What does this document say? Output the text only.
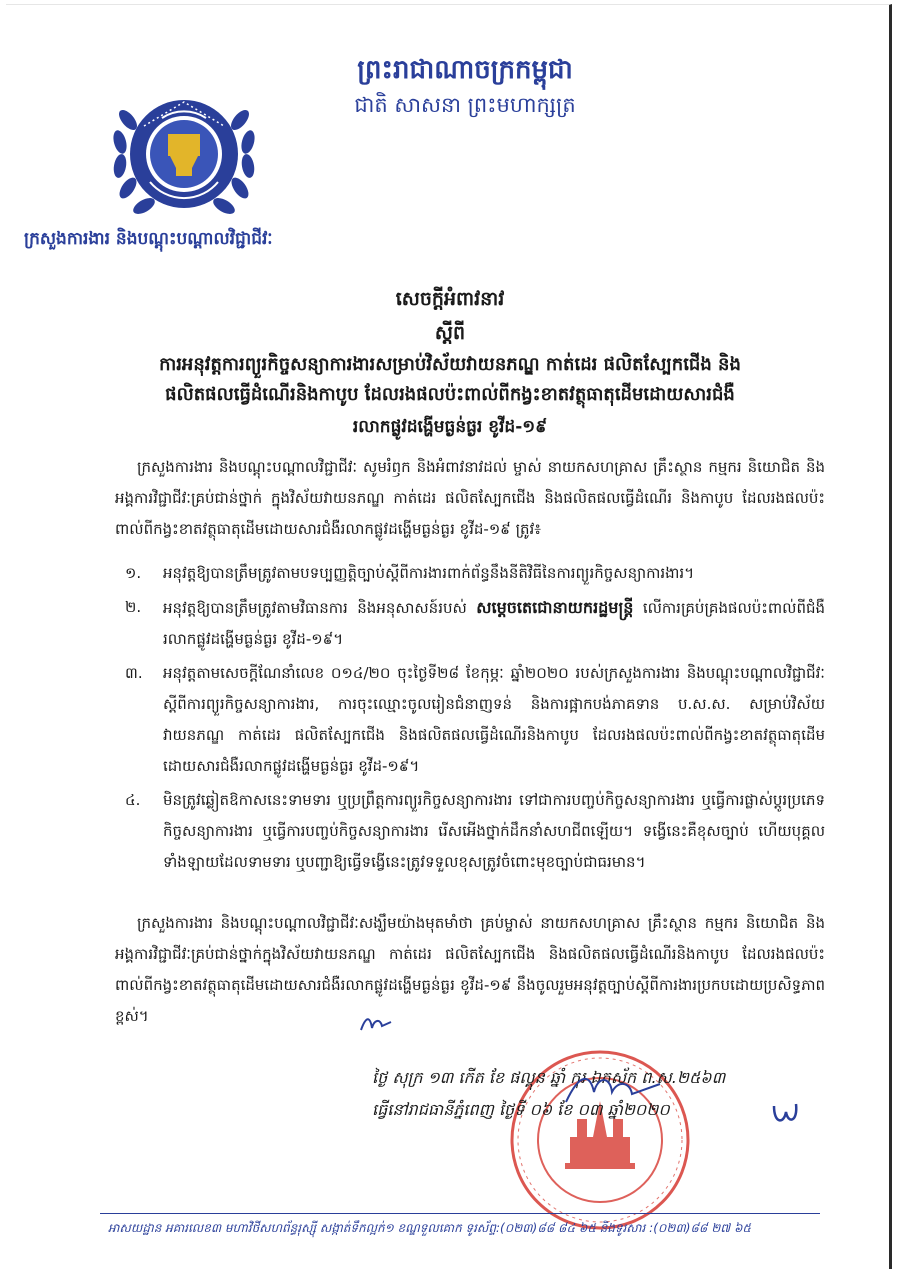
ព្រះរាជាណាចក្រកម្ពុជា
ជាតិ សាសនា ព្រះមហាក្សត្រ
ក្រសួងការងារ និងបណ្តុះបណ្តាលវិជ្ជាជីវៈ
សេចក្តីអំពាវនាវ
ស្តីពី
ការអនុវត្តការព្យួរកិច្ចសន្យាការងារសម្រាប់វិស័យវាយនភណ្ឌ កាត់ដេរ ផលិតស្បែកជើង និង
ផលិតផលធ្វើដំណើរនិងកាបូប ដែលរងផលប៉ះពាល់ពីកង្វះខាតវត្ថុធាតុដើមដោយសារជំងឺ
រលាកផ្លូវដង្ហើមធ្ងន់ធ្ងរ ខូវីដ-១៩
ក្រសួងការងារ និងបណ្តុះបណ្តាលវិជ្ជាជីវៈ សូមរំឭក និងអំពាវនាវដល់ ម្ចាស់ នាយកសហគ្រាស គ្រឹះស្ថាន កម្មករ និយោជិត និងអង្គការវិជ្ជាជីវៈគ្រប់ជាន់ថ្នាក់ ក្នុងវិស័យវាយនភណ្ឌ កាត់ដេរ ផលិតស្បែកជើង និងផលិតផលធ្វើដំណើរ និងកាបូប ដែលរងផលប៉ះពាល់ពីកង្វះខាតវត្ថុធាតុដើមដោយសារជំងឺរលាកផ្លូវដង្ហើមធ្ងន់ធ្ងរ ខូវីដ-១៩ ត្រូវ៖
១.	អនុវត្តឱ្យបានត្រឹមត្រូវតាមបទប្បញ្ញត្តិច្បាប់ស្តីពីការងារពាក់ព័ន្ធនឹងនីតិវិធីនៃការព្យួរកិច្ចសន្យាការងារ។
២.	អនុវត្តឱ្យបានត្រឹមត្រូវតាមវិធានការ និងអនុសាសន៍របស់ សម្តេចតេជោនាយករដ្ឋមន្ត្រី លើការគ្រប់គ្រងផលប៉ះពាល់ពីជំងឺរលាកផ្លូវដង្ហើមធ្ងន់ធ្ងរ ខូវីដ-១៩។
៣.	អនុវត្តតាមសេចក្តីណែនាំលេខ ០១៤/២០ ចុះថ្ងៃទី២៨ ខែកុម្ភៈ ឆ្នាំ២០២០ របស់ក្រសួងការងារ និងបណ្តុះបណ្តាលវិជ្ជាជីវៈ ស្តីពីការព្យួរកិច្ចសន្យាការងារ, ការចុះឈ្មោះចូលរៀនជំនាញទន់ និងការផ្អាកបង់ភាគទាន ប.ស.ស. សម្រាប់វិស័យវាយនភណ្ឌ កាត់ដេរ ផលិតស្បែកជើង និងផលិតផលធ្វើដំណើរនិងកាបូប ដែលរងផលប៉ះពាល់ពីកង្វះខាតវត្ថុធាតុដើមដោយសារជំងឺរលាកផ្លូវដង្ហើមធ្ងន់ធ្ងរ ខូវីដ-១៩។
៤.	មិនត្រូវឆ្លៀតឱកាសនេះទាមទារ ឬប្រព្រឹត្តការព្យួរកិច្ចសន្យាការងារ ទៅជាការបញ្ចប់កិច្ចសន្យាការងារ ឬធ្វើការផ្លាស់ប្តូរប្រភេទកិច្ចសន្យាការងារ ឬធ្វើការបញ្ចប់កិច្ចសន្យាការងារ រើសអើងថ្នាក់ដឹកនាំសហជីពឡើយ។ ទង្វើនេះគឺខុសច្បាប់ ហើយបុគ្គលទាំងឡាយដែលទាមទារ ឬបញ្ជាឱ្យធ្វើទង្វើនេះត្រូវទទួលខុសត្រូវចំពោះមុខច្បាប់ជាធរមាន។
ក្រសួងការងារ និងបណ្តុះបណ្តាលវិជ្ជាជីវៈសង្ឃឹមយ៉ាងមុតមាំថា គ្រប់ម្ចាស់ នាយកសហគ្រាស គ្រឹះស្ថាន កម្មករ និយោជិត និងអង្គការវិជ្ជាជីវៈគ្រប់ជាន់ថ្នាក់ក្នុងវិស័យវាយនភណ្ឌ កាត់ដេរ ផលិតស្បែកជើង និងផលិតផលធ្វើដំណើរនិងកាបូប ដែលរងផលប៉ះពាល់ពីកង្វះខាតវត្ថុធាតុដើមដោយសារជំងឺរលាកផ្លូវដង្ហើមធ្ងន់ធ្ងរ ខូវីដ-១៩ នឹងចូលរួមអនុវត្តច្បាប់ស្តីពីការងារប្រកបដោយប្រសិទ្ធភាពខ្ពស់។
ថ្ងៃ សុក្រ ១៣ កើត ខែ ផល្គុន ឆ្នាំ កុរ ឯកស័ក ព.ស.២៥៦៣
ធ្វើនៅរាជធានីភ្នំពេញ ថ្ងៃទី ០៦ ខែ ០៣ ឆ្នាំ២០២០
អាសយដ្ឋាន អគារលេខ៣ មហាវិថីសហព័ន្ធរុស្ស៊ី សង្កាត់ទឹកល្អក់១ ខណ្ឌទួលគោក ទូរស័ព្ទ:(០២៣)៨៨ ៨៤ ៦៥ និងទូរសារ :(០២៣)៨៨ ២៧ ៦៥
